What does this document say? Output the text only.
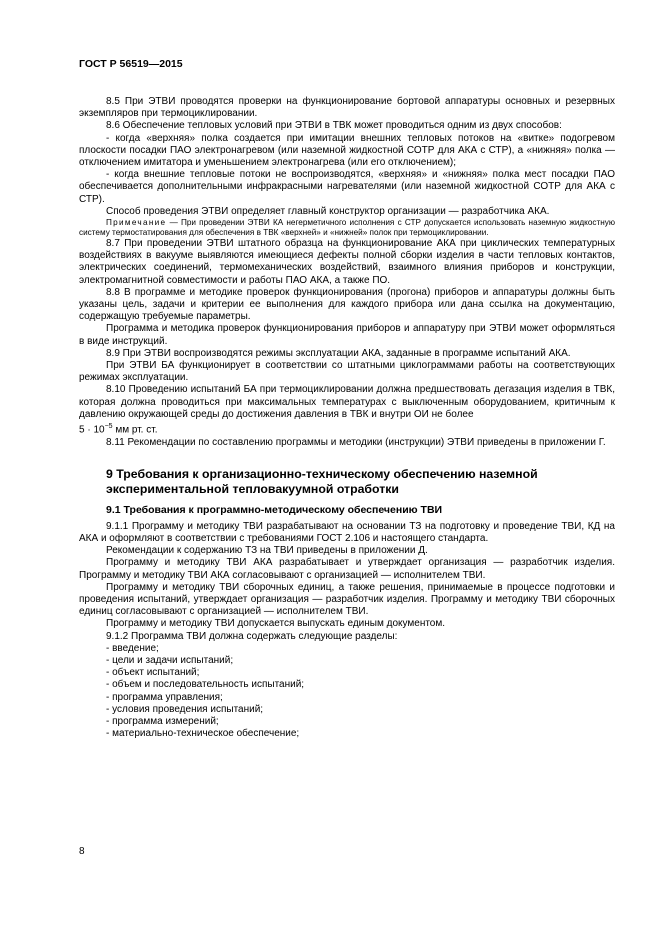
ГОСТ Р 56519—2015

8.5 При ЭТВИ проводятся проверки на функционирование бортовой аппаратуры основных и резервных экземпляров при термоциклировании.

8.6 Обеспечение тепловых условий при ЭТВИ в ТВК может проводиться одним из двух способов:

- когда «верхняя» полка создается при имитации внешних тепловых потоков на «витке» подогревом плоскости посадки ПАО электронагревом (или наземной жидкостной СОТР для АКА с СТР), а «нижняя» полка — отключением имитатора и уменьшением электронагрева (или его отключением);

- когда внешние тепловые потоки не воспроизводятся, «верхняя» и «нижняя» полка мест посадки ПАО обеспечивается дополнительными инфракрасными нагревателями (или наземной жидкостной СОТР для АКА с СТР).

Способ проведения ЭТВИ определяет главный конструктор организации — разработчика АКА.

Примечание — При проведении ЭТВИ КА негерметичного исполнения с СТР допускается использовать наземную жидкостную систему термостатирования для обеспечения в ТВК «верхней» и «нижней» полок при термоциклировании.

8.7 При проведении ЭТВИ штатного образца на функционирование АКА при циклических температурных воздействиях в вакууме выявляются имеющиеся дефекты полной сборки изделия в части тепловых контактов, электрических соединений, термомеханических воздействий, взаимного влияния приборов и конструкции, электромагнитной совместимости и работы ПАО АКА, а также ПО.

8.8 В программе и методике проверок функционирования (прогона) приборов и аппаратуры должны быть указаны цель, задачи и критерии ее выполнения для каждого прибора или дана ссылка на документацию, содержащую требуемые параметры.

Программа и методика проверок функционирования приборов и аппаратуру при ЭТВИ может оформляться в виде инструкций.

8.9 При ЭТВИ воспроизводятся режимы эксплуатации АКА, заданные в программе испытаний АКА.

При ЭТВИ БА функционирует в соответствии со штатными циклограммами работы на соответствующих режимах эксплуатации.

8.10 Проведению испытаний БА при термоциклировании должна предшествовать дегазация изделия в ТВК, которая должна проводиться при максимальных температурах с выключенным оборудованием, критичным к давлению окружающей среды до достижения давления в ТВК и внутри ОИ не более
$5 \cdot 10^{-5}$ мм рт. ст.

8.11 Рекомендации по составлению программы и методики (инструкции) ЭТВИ приведены в приложении Г.

9 Требования к организационно-техническому обеспечению наземной экспериментальной тепловакуумной отработки
9.1 Требования к программно-методическому обеспечению ТВИ

9.1.1 Программу и методику ТВИ разрабатывают на основании ТЗ на подготовку и проведение ТВИ, КД на АКА и оформляют в соответствии с требованиями ГОСТ 2.106 и настоящего стандарта.

Рекомендации к содержанию ТЗ на ТВИ приведены в приложении Д.

Программу и методику ТВИ АКА разрабатывает и утверждает организация — разработчик изделия. Программу и методику ТВИ АКА согласовывают с организацией — исполнителем ТВИ.

Программу и методику ТВИ сборочных единиц, а также решения, принимаемые в процессе подготовки и проведения испытаний, утверждает организация — разработчик изделия. Программу и методику ТВИ сборочных единиц согласовывают с организацией — исполнителем ТВИ.

Программу и методику ТВИ допускается выпускать единым документом.

9.1.2 Программа ТВИ должна содержать следующие разделы:

- введение;
- цели и задачи испытаний;
- объект испытаний;
- объем и последовательность испытаний;
- программа управления;
- условия проведения испытаний;
- программа измерений;
- материально-техническое обеспечение;
8
